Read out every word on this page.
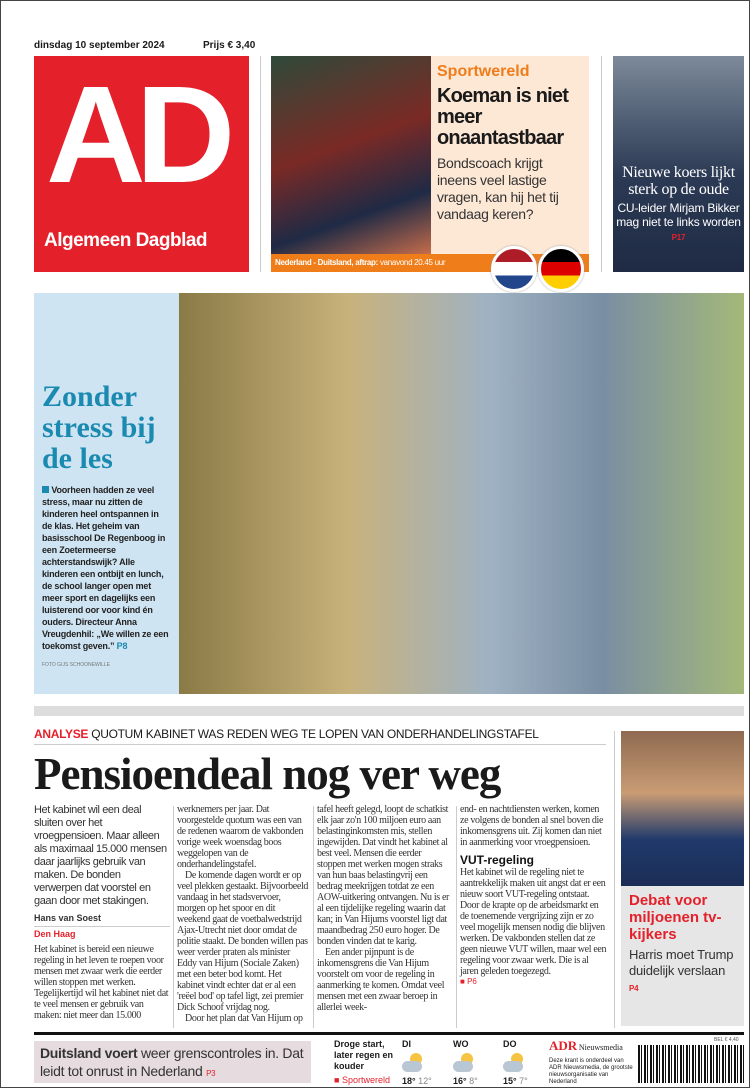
dinsdag 10 september 2024	Prijs € 3,40
AD
Algemeen Dagblad
Sportwereld
Koeman is niet meer onaantastbaar

Bondscoach krijgt ineens veel lastige vragen, kan hij het tij vandaag keren?

Nederland - Duitsland, aftrap: vanavond 20.45 uur
Nieuwe koers lijkt sterk op de oude

CU-leider Mirjam Bikker mag niet te links worden P17

Zonder stress bij de les

Voorheen hadden ze veel stress, maar nu zitten de kinderen heel ontspannen in de klas. Het geheim van basisschool De Regenboog in een Zoetermeerse achterstandswijk? Alle kinderen een ontbijt en lunch, de school langer open met meer sport en dagelijks een luisterend oor voor kind én ouders. Directeur Anna Vreugdenhil: „We willen ze een toekomst geven.” P8

FOTO GIJS SCHOONEWILLE
ANALYSE QUOTUM KABINET WAS REDEN WEG TE LOPEN VAN ONDERHANDELINGSTAFEL
Pensioendeal nog ver weg
Het kabinet wil een deal sluiten over het vroegpensioen. Maar alleen als maximaal 15.000 mensen daar jaarlijks gebruik van maken. De bonden verwerpen dat voorstel en gaan door met stakingen.
Hans van Soest
Den Haag

Het kabinet is bereid een nieuwe regeling in het leven te roepen voor mensen met zwaar werk die eerder willen stoppen met werken. Tegelijkertijd wil het kabinet niet dat te veel mensen er gebruik van maken: niet meer dan 15.000

werknemers per jaar. Dat voorgestelde quotum was een van de redenen waarom de vakbonden vorige week woensdag boos weggelopen van de onderhandelingstafel.

De komende dagen wordt er op veel plekken gestaakt. Bijvoorbeeld vandaag in het stadsvervoer, morgen op het spoor en dit weekend gaat de voetbalwedstrijd Ajax-Utrecht niet door omdat de politie staakt. De bonden willen pas weer verder praten als minister Eddy van Hijum (Sociale Zaken) met een beter bod komt. Het kabinet vindt echter dat er al een 'reëel bod' op tafel ligt, zei premier Dick Schoof vrijdag nog.

Door het plan dat Van Hijum op

tafel heeft gelegd, loopt de schatkist elk jaar zo'n 100 miljoen euro aan belastinginkomsten mis, stellen ingewijden. Dat vindt het kabinet al best veel. Mensen die eerder stoppen met werken mogen straks van hun baas belastingvrij een bedrag meekrijgen totdat ze een AOW-uitkering ontvangen. Nu is er al een tijdelijke regeling waarin dat kan; in Van Hijums voorstel ligt dat maandbedrag 250 euro hoger. De bonden vinden dat te karig.

Een ander pijnpunt is de inkomensgrens die Van Hijum voorstelt om voor de regeling in aanmerking te komen. Omdat veel mensen met een zwaar beroep in allerlei week-

end- en nachtdiensten werken, komen ze volgens de bonden al snel boven die inkomensgrens uit. Zij komen dan niet in aanmerking voor vroegpensioen.

VUT-regeling

Het kabinet wil de regeling niet te aantrekkelijk maken uit angst dat er een nieuw soort VUT-regeling ontstaat. Door de krapte op de arbeidsmarkt en de toenemende vergrijzing zijn er zo veel mogelijk mensen nodig die blijven werken. De vakbonden stellen dat ze geen nieuwe VUT willen, maar wel een regeling voor zwaar werk. Die is al jaren geleden toegezegd.

■ P6
Debat voor miljoenen tv-kijkers

Harris moet Trump duidelijk verslaan P4

Duitsland voert weer grenscontroles in. Dat leidt tot onrust in Nederland P3
Droge start, later regen en kouder
■ Sportwereld
DI
18° 12°
WO
16° 8°
DO
15° 7°
ADR Nieuwsmedia
Deze krant is onderdeel van ADR Nieuwsmedia, de grootste nieuwsorganisatie van Nederland
BEL € 4,40
